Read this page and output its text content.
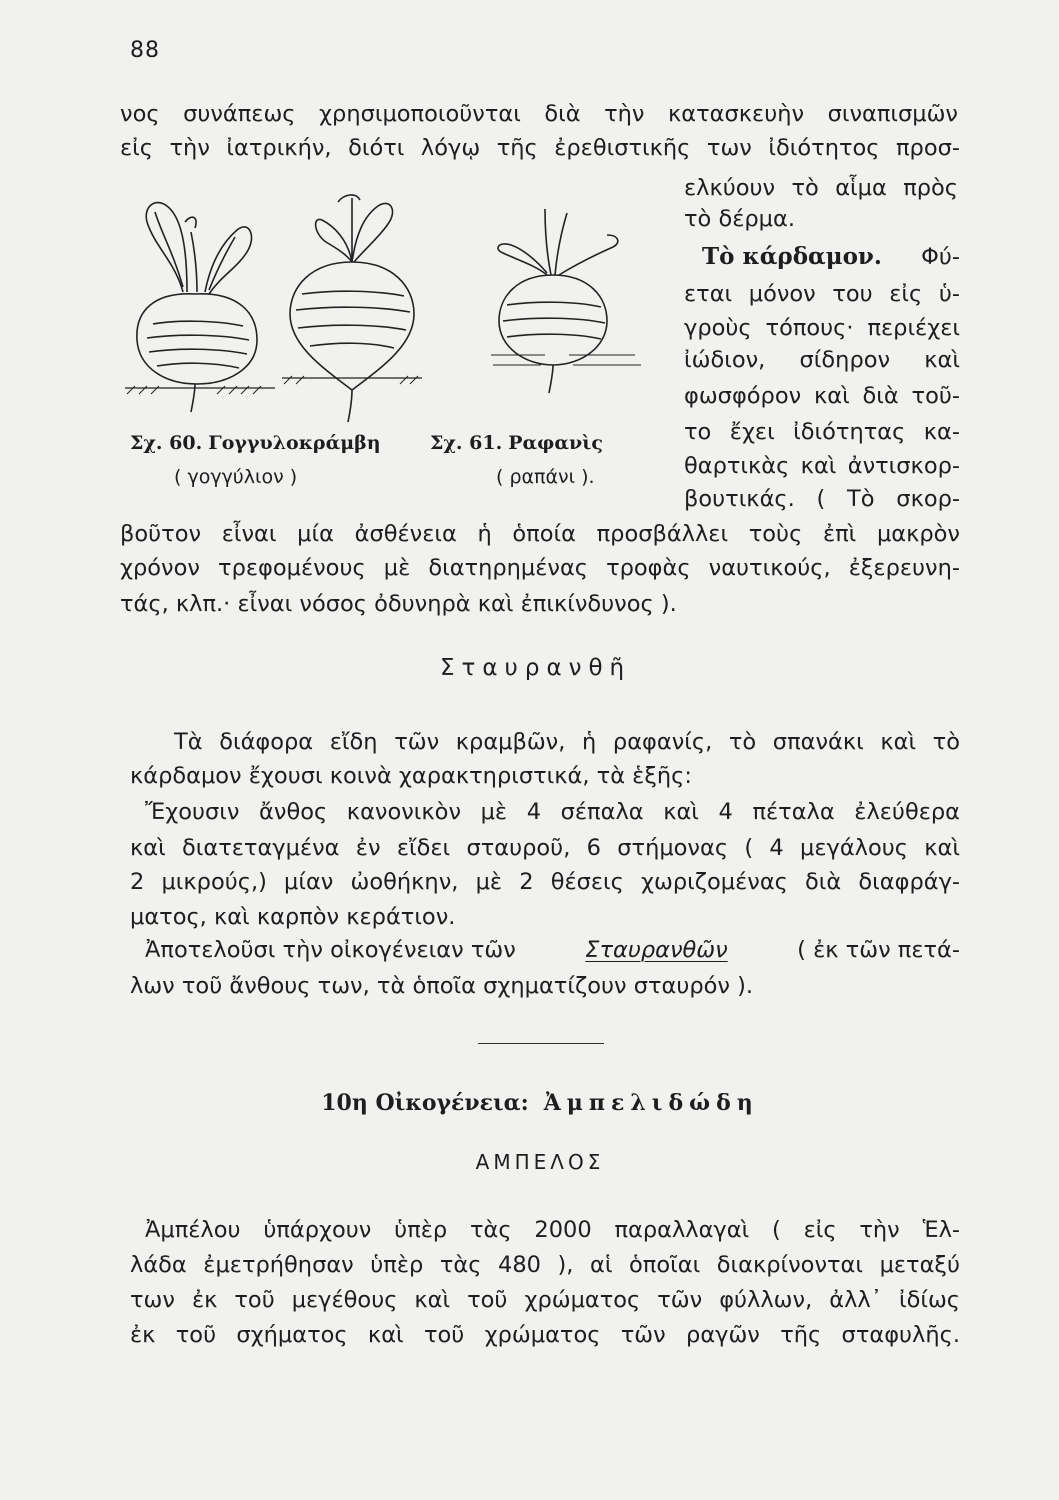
88
νος συνάπεως χρησιμοποιοῦνται διὰ τὴν κατασκευὴν σιναπισμῶν
εἰς τὴν ἰατρικήν, διότι λόγῳ τῆς ἐρεθιστικῆς των ἰδιότητος προσ-
ελκύουν τὸ αἷμα πρὸς
τὸ δέρμα.
Τὸ κάρδαμον. Φύ-
εται μόνον του εἰς ὑ-
γροὺς τόπους· περιέχει
ἰώδιον, σίδηρον καὶ
φωσφόρον καὶ διὰ τοῦ-
το ἔχει ἰδιότητας κα-
θαρτικὰς καὶ ἀντισκορ-
βουτικάς. ( Τὸ σκορ-
βοῦτον εἶναι μία ἀσθένεια ἡ ὁποία προσβάλλει τοὺς ἐπὶ μακρὸν
χρόνον τρεφομένους μὲ διατηρημένας τροφὰς ναυτικούς, ἐξερευνη-
τάς, κλπ.· εἶναι νόσος ὀδυνηρὰ καὶ ἐπικίνδυνος ).
Σχ. 60. Γογγυλοκράμβη
( γογγύλιον )
Σχ. 61. Ραφανὶς
( ραπάνι ).
Σταυρανθῆ
Τὰ διάφορα εἴδη τῶν κραμβῶν, ἡ ραφανίς, τὸ σπανάκι καὶ τὸ
κάρδαμον ἔχουσι κοινὰ χαρακτηριστικά, τὰ ἑξῆς:
Ἔχουσιν ἄνθος κανονικὸν μὲ 4 σέπαλα καὶ 4 πέταλα ἐλεύθερα
καὶ διατεταγμένα ἐν εἴδει σταυροῦ, 6 στήμονας ( 4 μεγάλους καὶ
2 μικρούς,) μίαν ὠοθήκην, μὲ 2 θέσεις χωριζομένας διὰ διαφράγ-
ματος, καὶ καρπὸν κεράτιον.
Ἀποτελοῦσι τὴν οἰκογένειαν τῶν	Σταυρανθῶν	( ἐκ τῶν πετά-
λων τοῦ ἄνθους των, τὰ ὁποῖα σχηματίζουν σταυρόν ).
10η Οἰκογένεια: Ἀμπελιδώδη
ΑΜΠΕΛΟΣ
Ἀμπέλου ὑπάρχουν ὑπὲρ τὰς 2000 παραλλαγαὶ ( εἰς τὴν Ἑλ-
λάδα ἐμετρήθησαν ὑπὲρ τὰς 480 ), αἱ ὁποῖαι διακρίνονται μεταξύ
των ἐκ τοῦ μεγέθους καὶ τοῦ χρώματος τῶν φύλλων, ἀλλ᾽ ἰδίως
ἐκ τοῦ σχήματος καὶ τοῦ χρώματος τῶν ραγῶν τῆς σταφυλῆς.
